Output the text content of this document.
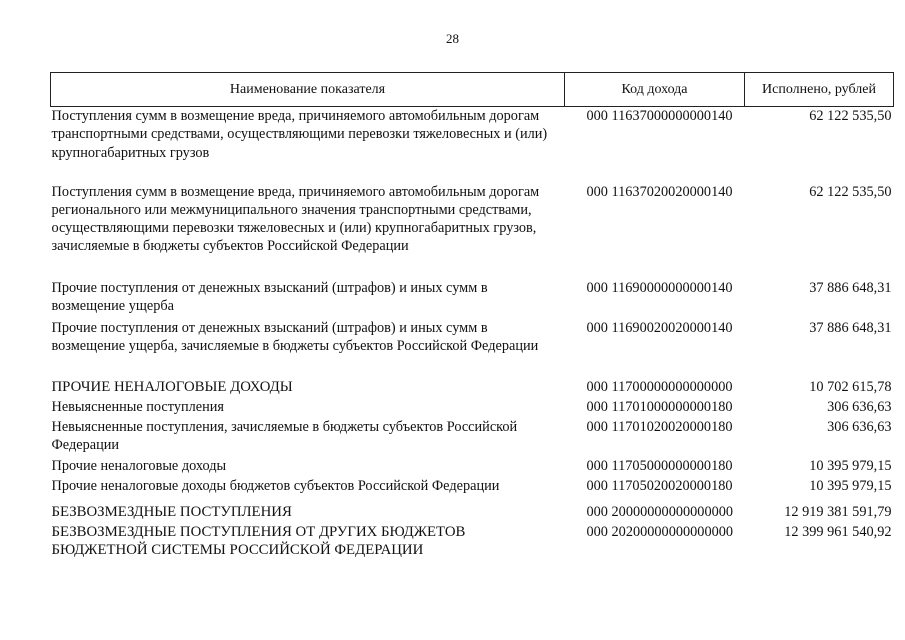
28
Наименование показателя	Код дохода	Исполнено, рублей
Поступления сумм в возмещение вреда, причиняемого автомобильным дорогам транспортными средствами, осуществляющими перевозки тяжеловесных и (или) крупногабаритных грузов	000 11637000000000140	62 122 535,50
Поступления сумм в возмещение вреда, причиняемого автомобильным дорогам регионального или межмуниципального значения транспортными средствами, осуществляющими перевозки тяжеловесных и (или) крупногабаритных грузов, зачисляемые в бюджеты субъектов Российской Федерации	000 11637020020000140	62 122 535,50
Прочие поступления от денежных взысканий (штрафов) и иных сумм в возмещение ущерба	000 11690000000000140	37 886 648,31
Прочие поступления от денежных взысканий (штрафов) и иных сумм в возмещение ущерба, зачисляемые в бюджеты субъектов Российской Федерации	000 11690020020000140	37 886 648,31
ПРОЧИЕ НЕНАЛОГОВЫЕ ДОХОДЫ	000 11700000000000000	10 702 615,78
Невыясненные поступления	000 11701000000000180	306 636,63
Невыясненные поступления, зачисляемые в бюджеты субъектов Российской Федерации	000 11701020020000180	306 636,63
Прочие неналоговые доходы	000 11705000000000180	10 395 979,15
Прочие неналоговые доходы бюджетов субъектов Российской Федерации	000 11705020020000180	10 395 979,15
БЕЗВОЗМЕЗДНЫЕ ПОСТУПЛЕНИЯ	000 20000000000000000	12 919 381 591,79
БЕЗВОЗМЕЗДНЫЕ ПОСТУПЛЕНИЯ ОТ ДРУГИХ БЮДЖЕТОВ БЮДЖЕТНОЙ СИСТЕМЫ РОССИЙСКОЙ ФЕДЕРАЦИИ	000 20200000000000000	12 399 961 540,92
